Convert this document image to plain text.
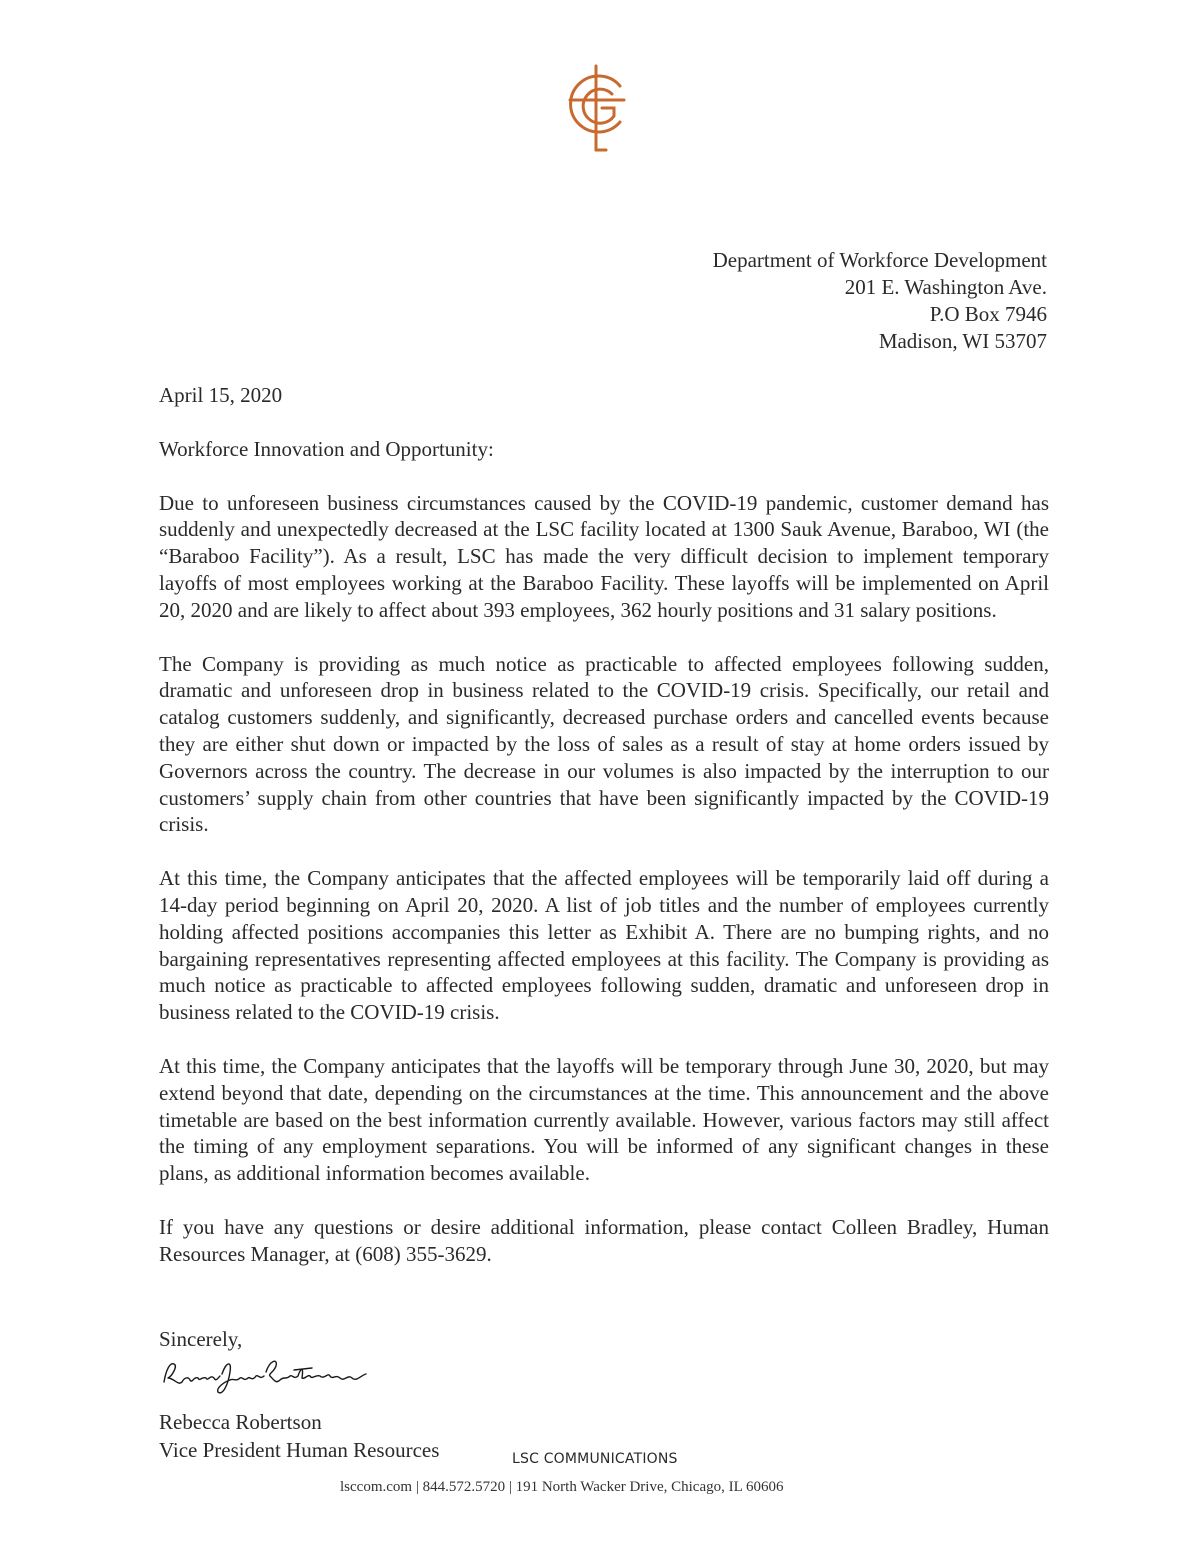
Department of Workforce Development
201 E. Washington Ave.
P.O Box 7946
Madison, WI 53707

April 15, 2020

Workforce Innovation and Opportunity:

Due to unforeseen business circumstances caused by the COVID-19 pandemic, customer demand has suddenly and unexpectedly decreased at the LSC facility located at 1300 Sauk Avenue, Baraboo, WI (the “Baraboo Facility”). As a result, LSC has made the very difficult decision to implement temporary layoffs of most employees working at the Baraboo Facility. These layoffs will be implemented on April 20, 2020 and are likely to affect about 393 employees, 362 hourly positions and 31 salary positions.

The Company is providing as much notice as practicable to affected employees following sudden, dramatic and unforeseen drop in business related to the COVID-19 crisis. Specifically, our retail and catalog customers suddenly, and significantly, decreased purchase orders and cancelled events because they are either shut down or impacted by the loss of sales as a result of stay at home orders issued by Governors across the country. The decrease in our volumes is also impacted by the interruption to our customers’ supply chain from other countries that have been significantly impacted by the COVID-19 crisis.

At this time, the Company anticipates that the affected employees will be temporarily laid off during a 14-day period beginning on April 20, 2020. A list of job titles and the number of employees currently holding affected positions accompanies this letter as Exhibit A. There are no bumping rights, and no bargaining representatives representing affected employees at this facility. The Company is providing as much notice as practicable to affected employees following sudden, dramatic and unforeseen drop in business related to the COVID-19 crisis.

At this time, the Company anticipates that the layoffs will be temporary through June 30, 2020, but may extend beyond that date, depending on the circumstances at the time. This announcement and the above timetable are based on the best information currently available. However, various factors may still affect the timing of any employment separations. You will be informed of any significant changes in these plans, as additional information becomes available.

If you have any questions or desire additional information, please contact Colleen Bradley, Human Resources Manager, at (608) 355-3629.

Sincerely,
Rebecca Robertson
Vice President Human Resources	LSC COMMUNICATIONS
lsccom.com | 844.572.5720 | 191 North Wacker Drive, Chicago, IL 60606
